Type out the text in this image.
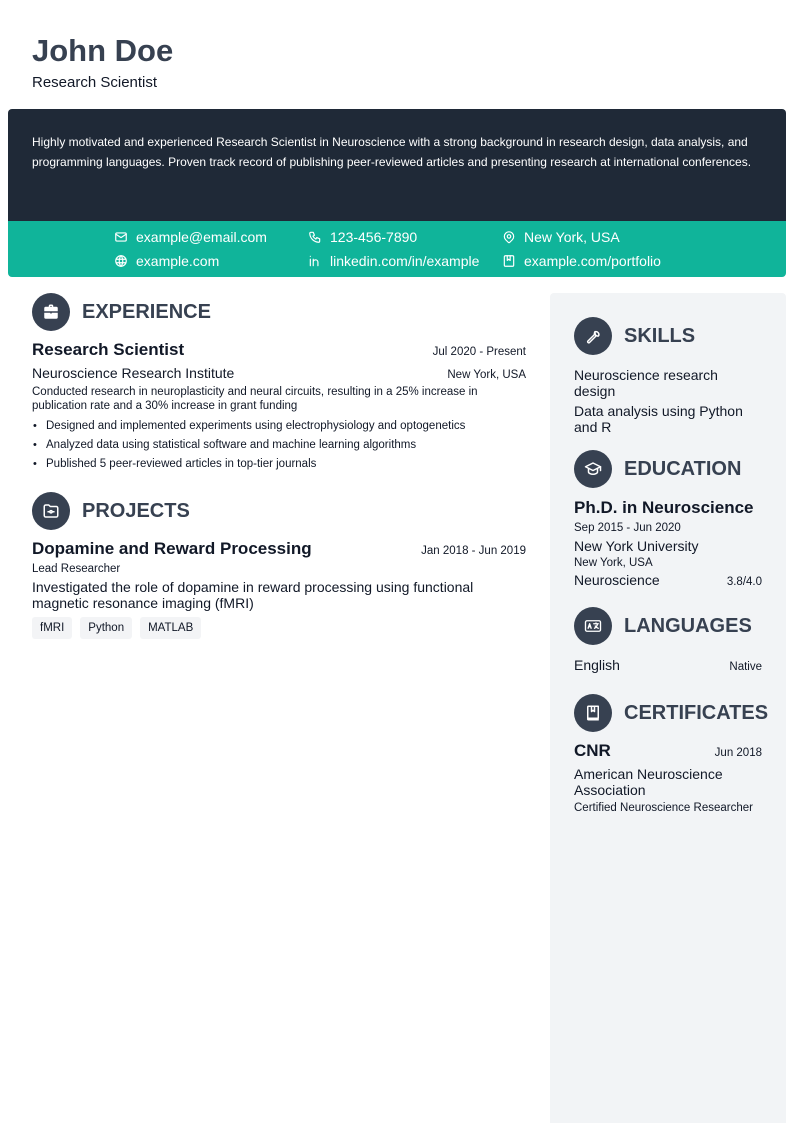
John Doe
Research Scientist

Highly motivated and experienced Research Scientist in Neuroscience with a strong background in research design, data analysis, and programming languages. Proven track record of publishing peer-reviewed articles and presenting research at international conferences.

example@email.com	123-456-7890	New York, USA
example.com	linkedin.com/in/example	example.com/portfolio
EXPERIENCE
Research Scientist	Jul 2020 - Present
Neuroscience Research Institute	New York, USA

Conducted research in neuroplasticity and neural circuits, resulting in a 25% increase in publication rate and a 30% increase in grant funding

• Designed and implemented experiments using electrophysiology and optogenetics
• Analyzed data using statistical software and machine learning algorithms
• Published 5 peer-reviewed articles in top-tier journals
PROJECTS
Dopamine and Reward Processing	Jan 2018 - Jun 2019
Lead Researcher

Investigated the role of dopamine in reward processing using functional magnetic resonance imaging (fMRI)

fMRI	Python	MATLAB
SKILLS

Neuroscience research design

Data analysis using Python and R

EDUCATION
Ph.D. in Neuroscience
Sep 2015 - Jun 2020
New York University
New York, USA
Neuroscience	3.8/4.0
LANGUAGES
English	Native
CERTIFICATES
CNR	Jun 2018

American Neuroscience Association

Certified Neuroscience Researcher
